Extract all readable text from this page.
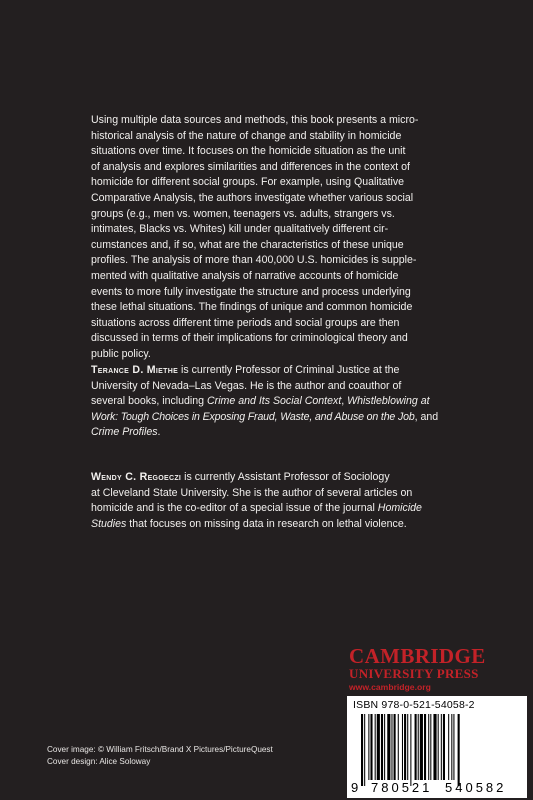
Using multiple data sources and methods, this book presents a micro-

historical analysis of the nature of change and stability in homicide

situations over time. It focuses on the homicide situation as the unit

of analysis and explores similarities and differences in the context of

homicide for different social groups. For example, using Qualitative

Comparative Analysis, the authors investigate whether various social

groups (e.g., men vs. women, teenagers vs. adults, strangers vs.

intimates, Blacks vs. Whites) kill under qualitatively different cir-

cumstances and, if so, what are the characteristics of these unique

profiles. The analysis of more than 400,000 U.S. homicides is supple-

mented with qualitative analysis of narrative accounts of homicide

events to more fully investigate the structure and process underlying

these lethal situations. The findings of unique and common homicide

situations across different time periods and social groups are then

discussed in terms of their implications for criminological theory and

public policy.

Terance D. Miethe is currently Professor of Criminal Justice at the
University of Nevada–Las Vegas. He is the author and coauthor of
several books, including Crime and Its Social Context, Whistleblowing at
Work: Tough Choices in Exposing Fraud, Waste, and Abuse on the Job, and
Crime Profiles.
Wendy C. Regoeczi is currently Assistant Professor of Sociology
at Cleveland State University. She is the author of several articles on
homicide and is the co-editor of a special issue of the journal Homicide
Studies that focuses on missing data in research on lethal violence.
CAMBRIDGE
UNIVERSITY PRESS
www.cambridge.org
ISBN 978-0-521-54058-2
9 780521 540582
Cover image: © William Fritsch/Brand X Pictures/PictureQuest
Cover design: Alice Soloway
